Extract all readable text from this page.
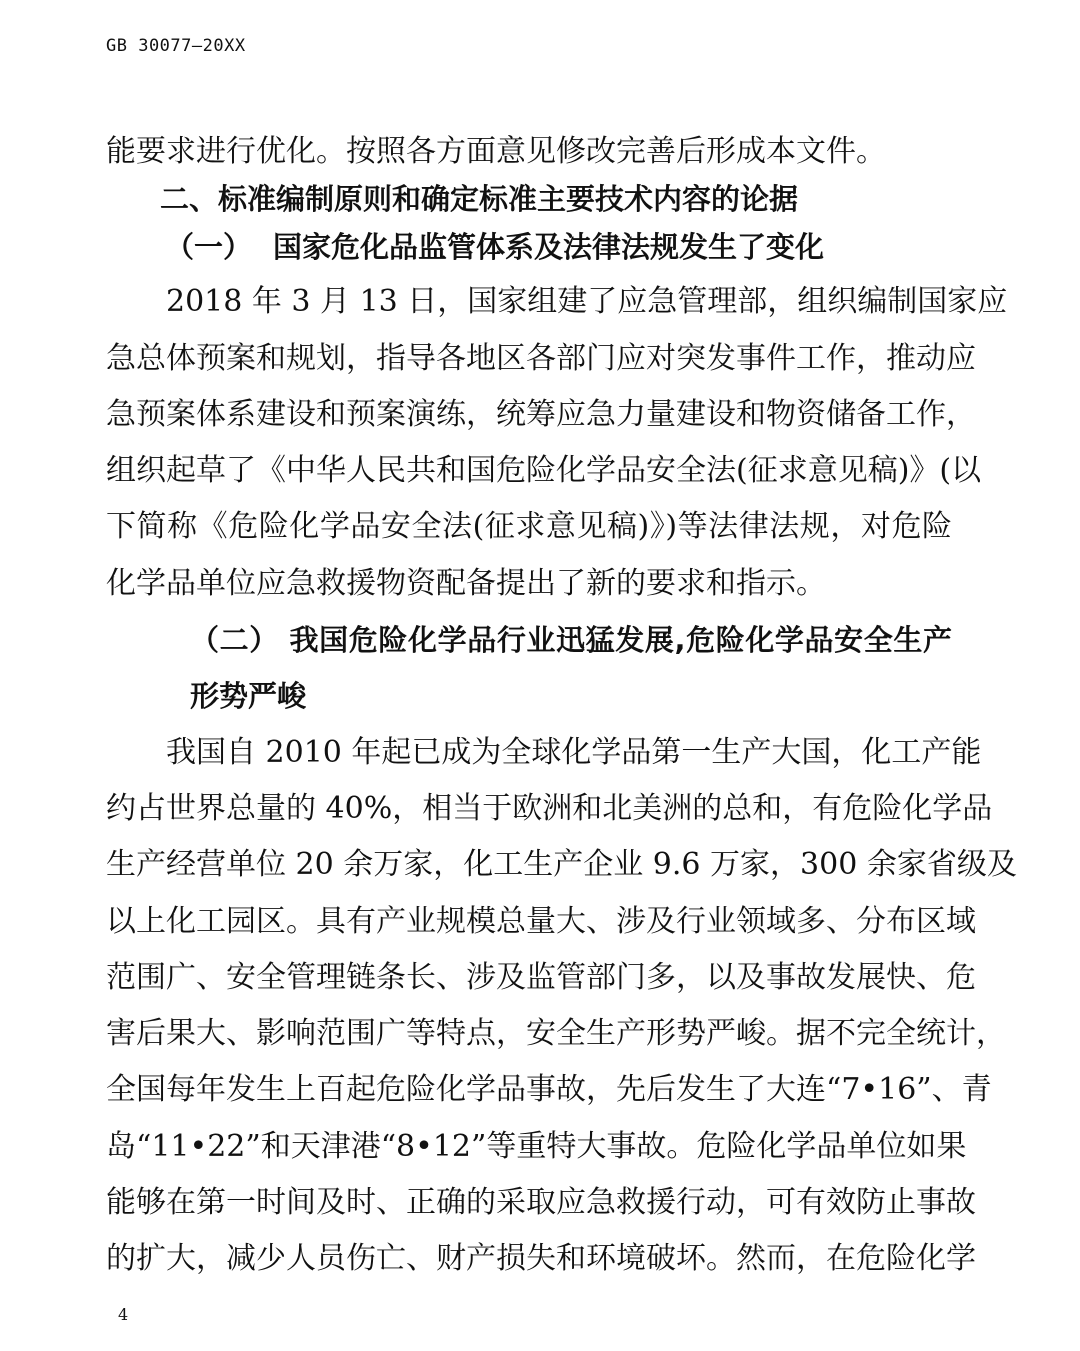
GB 30077—20XX
能要求进行优化。按照各方面意见修改完善后形成本文件。
二、标准编制原则和确定标准主要技术内容的论据
（一） 国家危化品监管体系及法律法规发生了变化
　　2018 年 3 月 13 日，国家组建了应急管理部，组织编制国家应
急总体预案和规划，指导各地区各部门应对突发事件工作，推动应
急预案体系建设和预案演练，统筹应急力量建设和物资储备工作，
组织起草了《中华人民共和国危险化学品安全法(征求意见稿)》(以
下简称《危险化学品安全法(征求意见稿)》)等法律法规，对危险
化学品单位应急救援物资配备提出了新的要求和指示。
（二） 我国危险化学品行业迅猛发展,危险化学品安全生产
形势严峻
　　我国自 2010 年起已成为全球化学品第一生产大国，化工产能
约占世界总量的 40%，相当于欧洲和北美洲的总和，有危险化学品
生产经营单位 20 余万家，化工生产企业 9.6 万家，300 余家省级及
以上化工园区。具有产业规模总量大、涉及行业领域多、分布区域
范围广、安全管理链条长、涉及监管部门多，以及事故发展快、危
害后果大、影响范围广等特点，安全生产形势严峻。据不完全统计，
全国每年发生上百起危险化学品事故，先后发生了大连“7•16”、青
岛“11•22”和天津港“8•12”等重特大事故。危险化学品单位如果
能够在第一时间及时、正确的采取应急救援行动，可有效防止事故
的扩大，减少人员伤亡、财产损失和环境破坏。然而，在危险化学
4
